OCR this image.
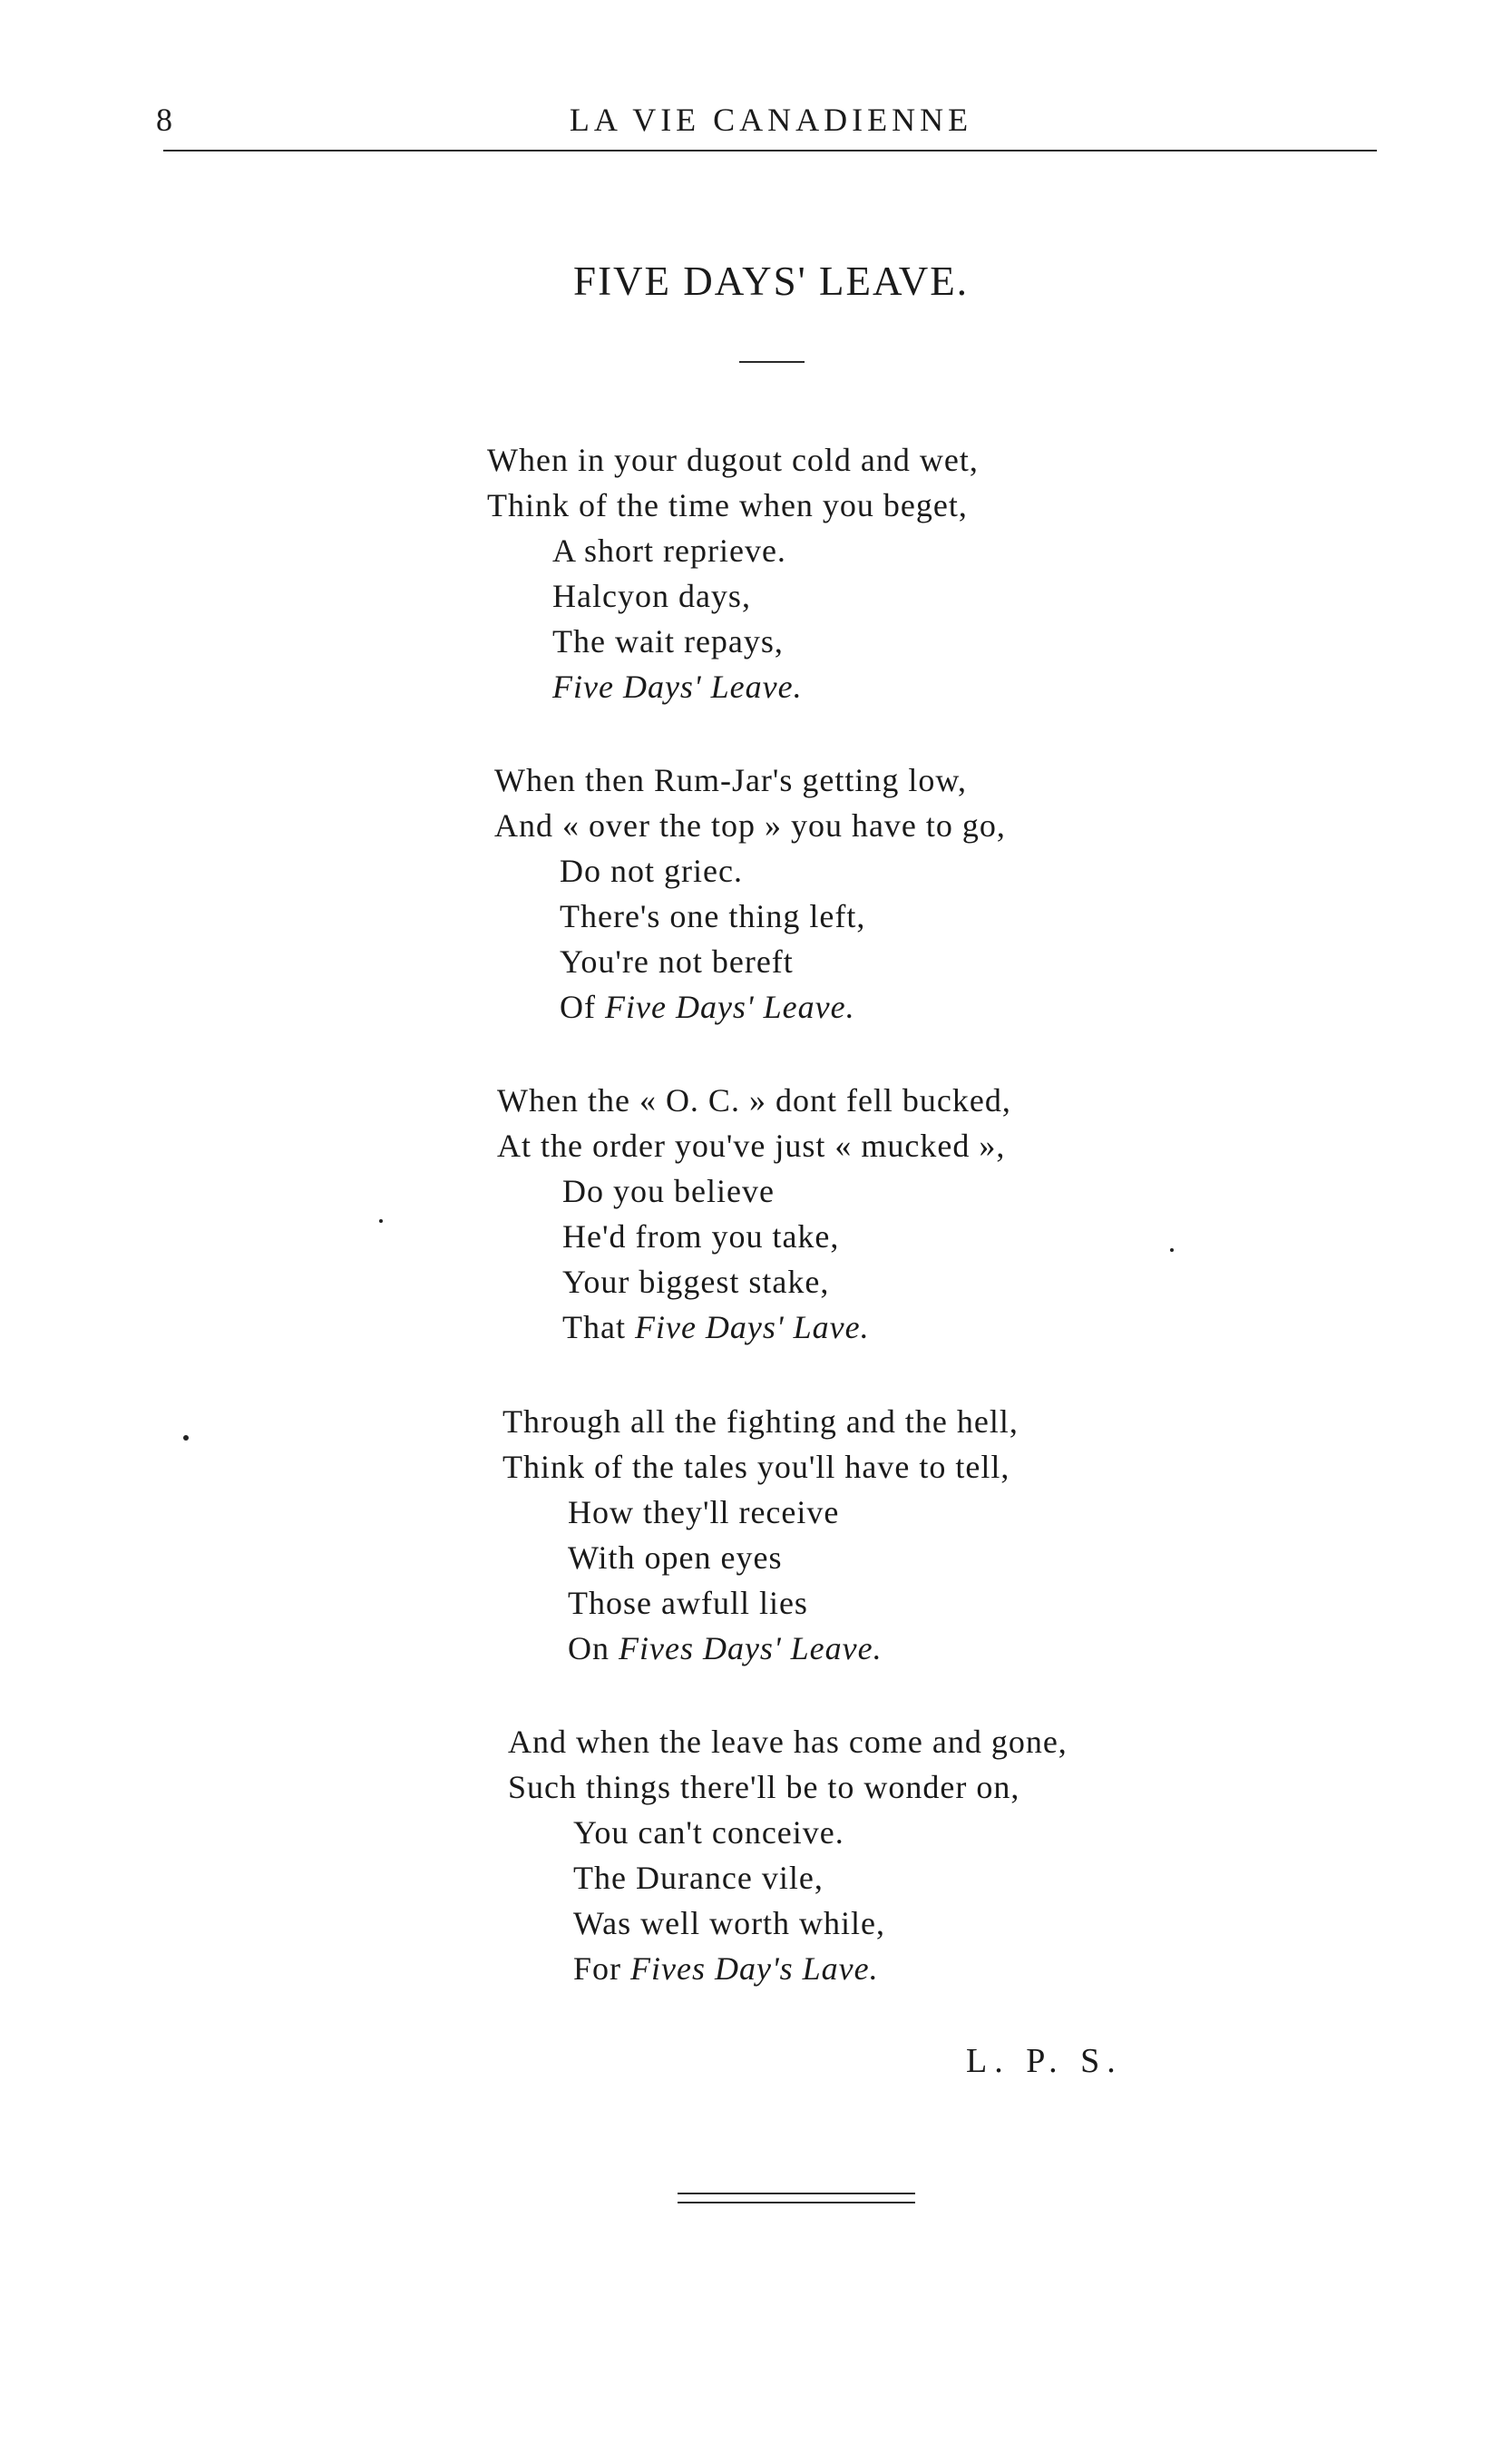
8	LA VIE CANADIENNE
FIVE DAYS' LEAVE.
When in your dugout cold and wet,
Think of the time when you beget,
A short reprieve.
Halcyon days,
The wait repays,
Five Days' Leave.
When then Rum-Jar's getting low,
And « over the top » you have to go,
Do not griec.
There's one thing left,
You're not bereft
Of Five Days' Leave.
When the « O. C. » dont fell bucked,
At the order you've just « mucked »,
Do you believe
He'd from you take,
Your biggest stake,
That Five Days' Lave.
Through all the fighting and the hell,
Think of the tales you'll have to tell,
How they'll receive
With open eyes
Those awfull lies
On Fives Days' Leave.
And when the leave has come and gone,
Such things there'll be to wonder on,
You can't conceive.
The Durance vile,
Was well worth while,
For Fives Day's Lave.
L. P. S.
